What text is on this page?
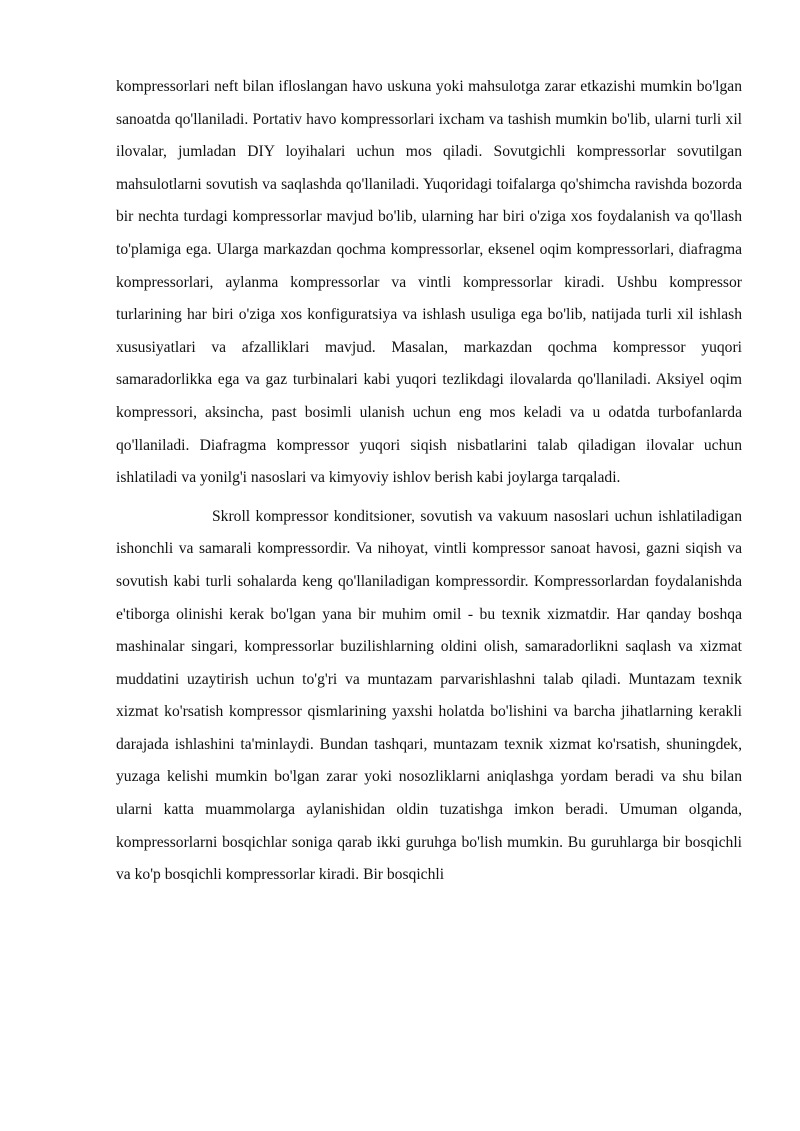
kompressorlari neft bilan ifloslangan havo uskuna yoki mahsulotga zarar etkazishi mumkin bo'lgan sanoatda qo'llaniladi. Portativ havo kompressorlari ixcham va tashish mumkin bo'lib, ularni turli xil ilovalar, jumladan DIY loyihalari uchun mos qiladi. Sovutgichli kompressorlar sovutilgan mahsulotlarni sovutish va saqlashda qo'llaniladi. Yuqoridagi toifalarga qo'shimcha ravishda bozorda bir nechta turdagi kompressorlar mavjud bo'lib, ularning har biri o'ziga xos foydalanish va qo'llash to'plamiga ega. Ularga markazdan qochma kompressorlar, eksenel oqim kompressorlari, diafragma kompressorlari, aylanma kompressorlar va vintli kompressorlar kiradi. Ushbu kompressor turlarining har biri o'ziga xos konfiguratsiya va ishlash usuliga ega bo'lib, natijada turli xil ishlash xususiyatlari va afzalliklari mavjud. Masalan, markazdan qochma kompressor yuqori samaradorlikka ega va gaz turbinalari kabi yuqori tezlikdagi ilovalarda qo'llaniladi. Aksiyel oqim kompressori, aksincha, past bosimli ulanish uchun eng mos keladi va u odatda turbofanlarda qo'llaniladi. Diafragma kompressor yuqori siqish nisbatlarini talab qiladigan ilovalar uchun ishlatiladi va yonilg'i nasoslari va kimyoviy ishlov berish kabi joylarga tarqaladi.

Skroll kompressor konditsioner, sovutish va vakuum nasoslari uchun ishlatiladigan ishonchli va samarali kompressordir. Va nihoyat, vintli kompressor sanoat havosi, gazni siqish va sovutish kabi turli sohalarda keng qo'llaniladigan kompressordir. Kompressorlardan foydalanishda e'tiborga olinishi kerak bo'lgan yana bir muhim omil - bu texnik xizmatdir. Har qanday boshqa mashinalar singari, kompressorlar buzilishlarning oldini olish, samaradorlikni saqlash va xizmat muddatini uzaytirish uchun to'g'ri va muntazam parvarishlashni talab qiladi. Muntazam texnik xizmat ko'rsatish kompressor qismlarining yaxshi holatda bo'lishini va barcha jihatlarning kerakli darajada ishlashini ta'minlaydi. Bundan tashqari, muntazam texnik xizmat ko'rsatish, shuningdek, yuzaga kelishi mumkin bo'lgan zarar yoki nosozliklarni aniqlashga yordam beradi va shu bilan ularni katta muammolarga aylanishidan oldin tuzatishga imkon beradi. Umuman olganda, kompressorlarni bosqichlar soniga qarab ikki guruhga bo'lish mumkin. Bu guruhlarga bir bosqichli va ko'p bosqichli kompressorlar kiradi. Bir bosqichli
